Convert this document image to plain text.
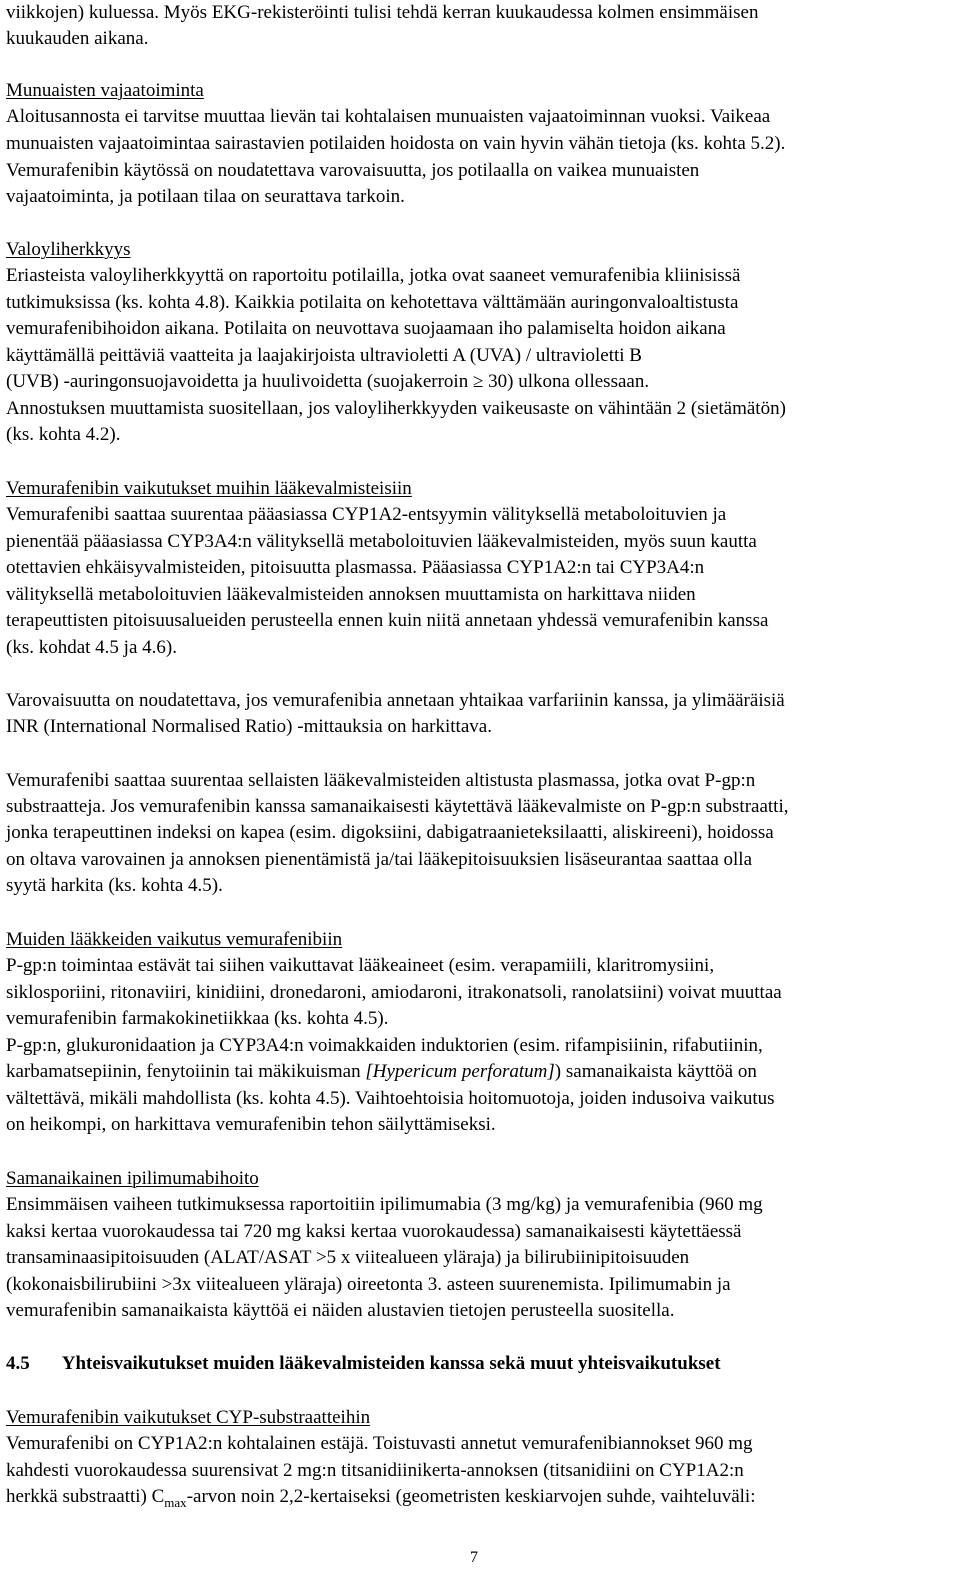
viikkojen) kuluessa. Myös EKG-rekisteröinti tulisi tehdä kerran kuukaudessa kolmen ensimmäisen
kuukauden aikana.
Munuaisten vajaatoiminta
Aloitusannosta ei tarvitse muuttaa lievän tai kohtalaisen munuaisten vajaatoiminnan vuoksi. Vaikeaa
munuaisten vajaatoimintaa sairastavien potilaiden hoidosta on vain hyvin vähän tietoja (ks. kohta 5.2).
Vemurafenibin käytössä on noudatettava varovaisuutta, jos potilaalla on vaikea munuaisten
vajaatoiminta, ja potilaan tilaa on seurattava tarkoin.
Valoyliherkkyys
Eriasteista valoyliherkkyyttä on raportoitu potilailla, jotka ovat saaneet vemurafenibia kliinisissä
tutkimuksissa (ks. kohta 4.8). Kaikkia potilaita on kehotettava välttämään auringonvaloaltistusta
vemurafenibihoidon aikana. Potilaita on neuvottava suojaamaan iho palamiselta hoidon aikana
käyttämällä peittäviä vaatteita ja laajakirjoista ultravioletti A (UVA) / ultravioletti B
(UVB) -auringonsuojavoidetta ja huulivoidetta (suojakerroin ≥ 30) ulkona ollessaan.
Annostuksen muuttamista suositellaan, jos valoyliherkkyyden vaikeusaste on vähintään 2 (sietämätön)
(ks. kohta 4.2).
Vemurafenibin vaikutukset muihin lääkevalmisteisiin
Vemurafenibi saattaa suurentaa pääasiassa CYP1A2-entsyymin välityksellä metaboloituvien ja
pienentää pääasiassa CYP3A4:n välityksellä metaboloituvien lääkevalmisteiden, myös suun kautta
otettavien ehkäisyvalmisteiden, pitoisuutta plasmassa. Pääasiassa CYP1A2:n tai CYP3A4:n
välityksellä metaboloituvien lääkevalmisteiden annoksen muuttamista on harkittava niiden
terapeuttisten pitoisuusalueiden perusteella ennen kuin niitä annetaan yhdessä vemurafenibin kanssa
(ks. kohdat 4.5 ja 4.6).
Varovaisuutta on noudatettava, jos vemurafenibia annetaan yhtaikaa varfariinin kanssa, ja ylimääräisiä
INR (International Normalised Ratio) -mittauksia on harkittava.
Vemurafenibi saattaa suurentaa sellaisten lääkevalmisteiden altistusta plasmassa, jotka ovat P-gp:n
substraatteja. Jos vemurafenibin kanssa samanaikaisesti käytettävä lääkevalmiste on P-gp:n substraatti,
jonka terapeuttinen indeksi on kapea (esim. digoksiini, dabigatraanieteksilaatti, aliskireeni), hoidossa
on oltava varovainen ja annoksen pienentämistä ja/tai lääkepitoisuuksien lisäseurantaa saattaa olla
syytä harkita (ks. kohta 4.5).
Muiden lääkkeiden vaikutus vemurafenibiin
P-gp:n toimintaa estävät tai siihen vaikuttavat lääkeaineet (esim. verapamiili, klaritromysiini,
siklosporiini, ritonaviiri, kinidiini, dronedaroni, amiodaroni, itrakonatsoli, ranolatsiini) voivat muuttaa
vemurafenibin farmakokinetiikkaa (ks. kohta 4.5).
P-gp:n, glukuronidaation ja CYP3A4:n voimakkaiden induktorien (esim. rifampisiinin, rifabutiinin,
karbamatsepiinin, fenytoiinin tai mäkikuisman [Hypericum perforatum]) samanaikaista käyttöä on
vältettävä, mikäli mahdollista (ks. kohta 4.5). Vaihtoehtoisia hoitomuotoja, joiden indusoiva vaikutus
on heikompi, on harkittava vemurafenibin tehon säilyttämiseksi.
Samanaikainen ipilimumabihoito
Ensimmäisen vaiheen tutkimuksessa raportoitiin ipilimumabia (3 mg/kg) ja vemurafenibia (960 mg
kaksi kertaa vuorokaudessa tai 720 mg kaksi kertaa vuorokaudessa) samanaikaisesti käytettäessä
transaminaasipitoisuuden (ALAT/ASAT >5 x viitealueen yläraja) ja bilirubiinipitoisuuden
(kokonaisbilirubiini >3x viitealueen yläraja) oireetonta 3. asteen suurenemista. Ipilimumabin ja
vemurafenibin samanaikaista käyttöä ei näiden alustavien tietojen perusteella suositella.
4.5 Yhteisvaikutukset muiden lääkevalmisteiden kanssa sekä muut yhteisvaikutukset
Vemurafenibin vaikutukset CYP-substraatteihin
Vemurafenibi on CYP1A2:n kohtalainen estäjä. Toistuvasti annetut vemurafenibiannokset 960 mg
kahdesti vuorokaudessa suurensivat 2 mg:n titsanidiinikerta-annoksen (titsanidiini on CYP1A2:n
herkkä substraatti) $C_{max}$-arvon noin 2,2-kertaiseksi (geometristen keskiarvojen suhde, vaihteluväli:
7
